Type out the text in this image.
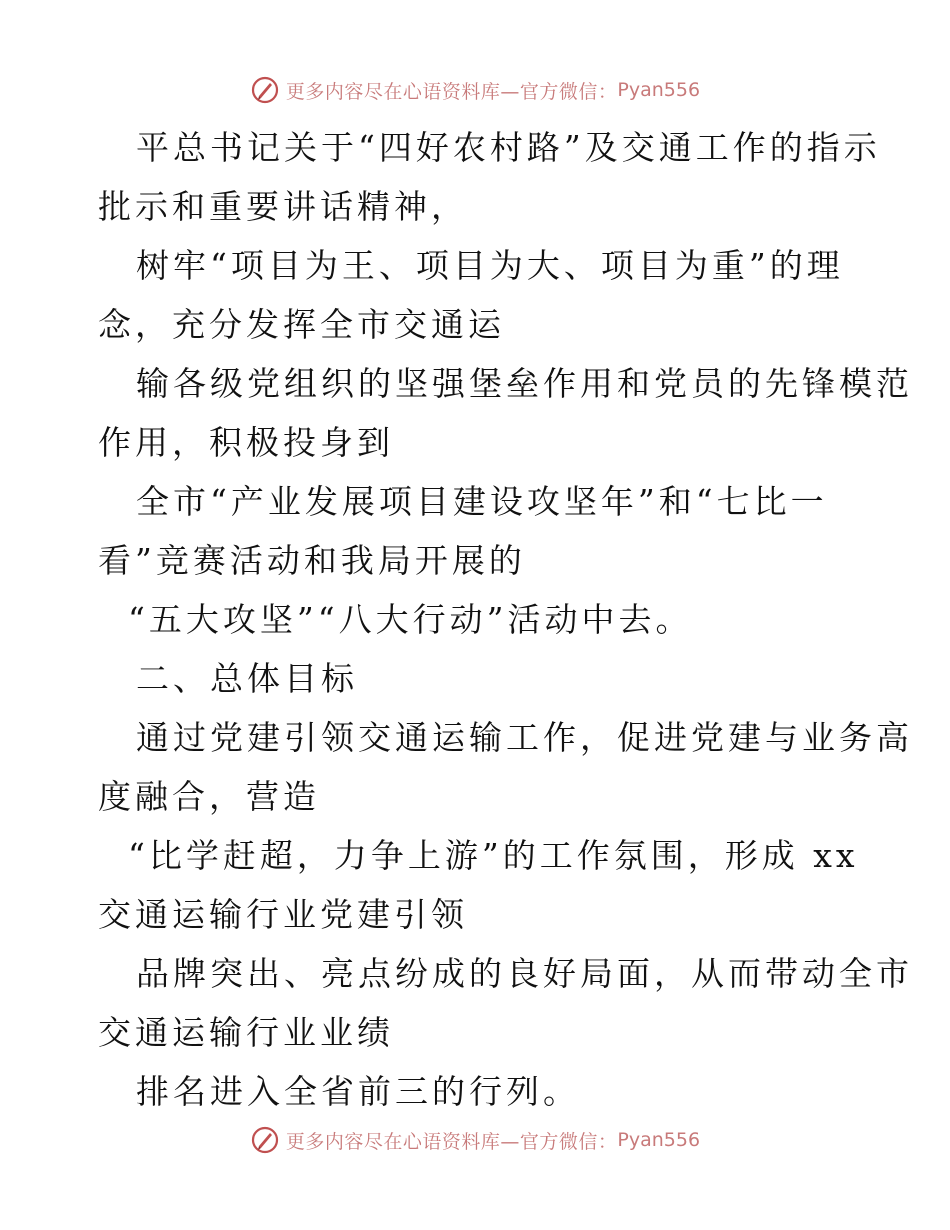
更多内容尽在心语资料库—官方微信： Pyan556
平总书记关于“四好农村路”及交通工作的指示
批示和重要讲话精神，
树牢“项目为王、项目为大、项目为重”的理
念，充分发挥全市交通运
输各级党组织的坚强堡垒作用和党员的先锋模范
作用，积极投身到
全市“产业发展项目建设攻坚年”和“七比一
看”竞赛活动和我局开展的
“五大攻坚”“八大行动”活动中去。
二、总体目标
通过党建引领交通运输工作，促进党建与业务高
度融合，营造
“比学赶超，力争上游”的工作氛围，形成 xx
交通运输行业党建引领
品牌突出、亮点纷成的良好局面，从而带动全市
交通运输行业业绩
排名进入全省前三的行列。
更多内容尽在心语资料库—官方微信： Pyan556
